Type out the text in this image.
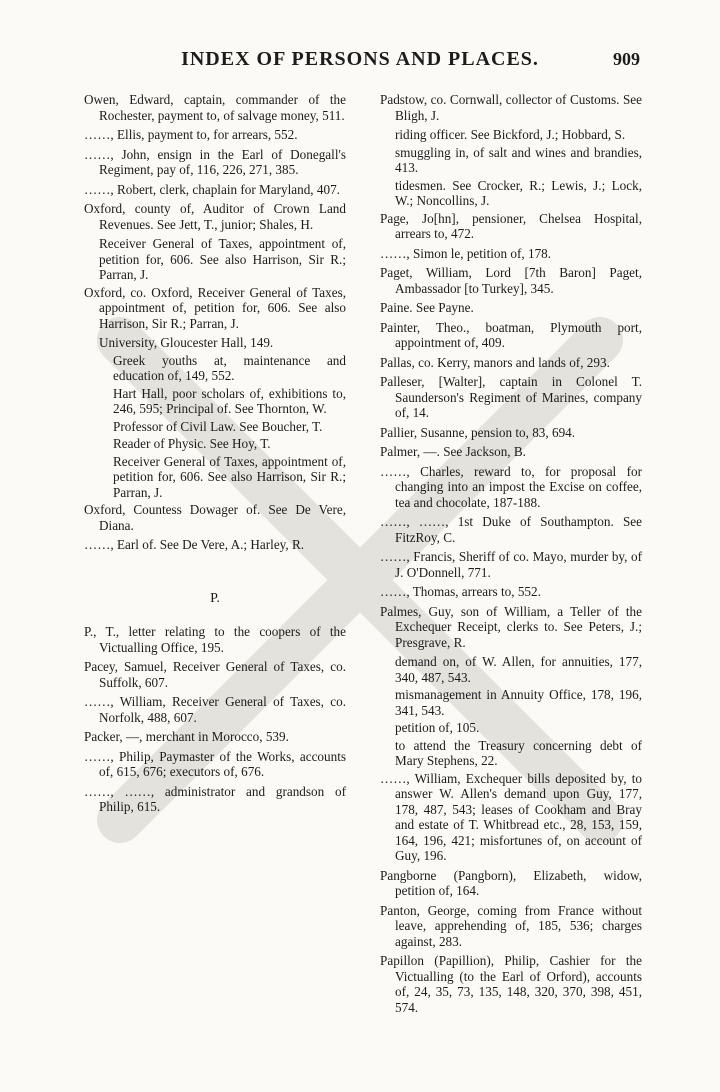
INDEX OF PERSONS AND PLACES.	909
Owen, Edward, captain, commander of the Rochester, payment to, of salvage money, 511.
……, Ellis, payment to, for arrears, 552.
……, John, ensign in the Earl of Donegall's Regiment, pay of, 116, 226, 271, 385.
……, Robert, clerk, chaplain for Maryland, 407.
Oxford, county of, Auditor of Crown Land Revenues. See Jett, T., junior; Shales, H.
Receiver General of Taxes, appointment of, petition for, 606. See also Harrison, Sir R.; Parran, J.
Oxford, co. Oxford, Receiver General of Taxes, appointment of, petition for, 606. See also Harrison, Sir R.; Parran, J.
University, Gloucester Hall, 149.
Greek youths at, maintenance and education of, 149, 552.
Hart Hall, poor scholars of, exhibitions to, 246, 595; Principal of. See Thornton, W.
Professor of Civil Law. See Boucher, T.
Reader of Physic. See Hoy, T.
Receiver General of Taxes, appointment of, petition for, 606. See also Harrison, Sir R.; Parran, J.
Oxford, Countess Dowager of. See De Vere, Diana.
……, Earl of. See De Vere, A.; Harley, R.
P.
P., T., letter relating to the coopers of the Victualling Office, 195.
Pacey, Samuel, Receiver General of Taxes, co. Suffolk, 607.
……, William, Receiver General of Taxes, co. Norfolk, 488, 607.
Packer, —, merchant in Morocco, 539.
……, Philip, Paymaster of the Works, accounts of, 615, 676; executors of, 676.
……, ……, administrator and grandson of Philip, 615.
Padstow, co. Cornwall, collector of Customs. See Bligh, J.
riding officer. See Bickford, J.; Hobbard, S.
smuggling in, of salt and wines and brandies, 413.
tidesmen. See Crocker, R.; Lewis, J.; Lock, W.; Noncollins, J.
Page, Jo[hn], pensioner, Chelsea Hospital, arrears to, 472.
……, Simon le, petition of, 178.
Paget, William, Lord [7th Baron] Paget, Ambassador [to Turkey], 345.
Paine. See Payne.
Painter, Theo., boatman, Plymouth port, appointment of, 409.
Pallas, co. Kerry, manors and lands of, 293.
Palleser, [Walter], captain in Colonel T. Saunderson's Regiment of Marines, company of, 14.
Pallier, Susanne, pension to, 83, 694.
Palmer, —. See Jackson, B.
……, Charles, reward to, for proposal for changing into an impost the Excise on coffee, tea and chocolate, 187-188.
……, ……, 1st Duke of Southampton. See FitzRoy, C.
……, Francis, Sheriff of co. Mayo, murder by, of J. O'Donnell, 771.
……, Thomas, arrears to, 552.
Palmes, Guy, son of William, a Teller of the Exchequer Receipt, clerks to. See Peters, J.; Presgrave, R.
demand on, of W. Allen, for annuities, 177, 340, 487, 543.
mismanagement in Annuity Office, 178, 196, 341, 543.
petition of, 105.
to attend the Treasury concerning debt of Mary Stephens, 22.
……, William, Exchequer bills deposited by, to answer W. Allen's demand upon Guy, 177, 178, 487, 543; leases of Cookham and Bray and estate of T. Whitbread etc., 28, 153, 159, 164, 196, 421; misfortunes of, on account of Guy, 196.
Pangborne (Pangborn), Elizabeth, widow, petition of, 164.
Panton, George, coming from France without leave, apprehending of, 185, 536; charges against, 283.
Papillon (Papillion), Philip, Cashier for the Victualling (to the Earl of Orford), accounts of, 24, 35, 73, 135, 148, 320, 370, 398, 451, 574.
